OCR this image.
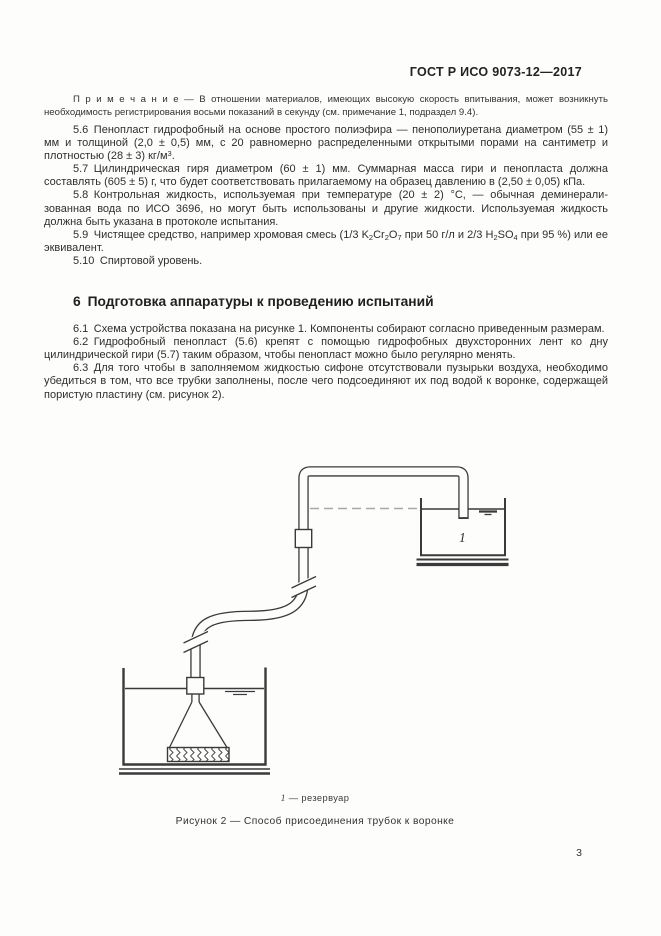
ГОСТ Р ИСО 9073-12—2017

П р и м е ч а н и е — В отношении материалов, имеющих высокую скорость впитывания, может возникнуть необходимость регистрирования восьми показаний в секунду (см. примечание 1, подраздел 9.4).

5.6 Пенопласт гидрофобный на основе простого полиэфира — пенополиуретана диаметром (55 ± 1) мм и толщиной (2,0 ± 0,5) мм, с 20 равномерно распределенными открытыми порами на сантиметр и плотностью (28 ± 3) $кг/м^3$.

5.7 Цилиндрическая гиря диаметром (60 ± 1) мм. Суммарная масса гири и пенопласта должна составлять (605 ± 5) г, что будет соответствовать прилагаемому на образец давлению в (2,50 ± 0,05) кПа.

5.8 Контрольная жидкость, используемая при температуре (20 ± 2) °С, — обычная деминерализованная вода по ИСО 3696, но могут быть использованы и другие жидкости. Используемая жидкость должна быть указана в протоколе испытания.

5.9 Чистящее средство, например хромовая смесь (1/3 $K_2Cr_2O_7$ при 50 г/л и 2/3 $H_2SO_4$ при 95 %) или ее эквивалент.

5.10 Спиртовой уровень.

6 Подготовка аппаратуры к проведению испытаний

6.1 Схема устройства показана на рисунке 1. Компоненты собирают согласно приведенным размерам.

6.2 Гидрофобный пенопласт (5.6) крепят с помощью гидрофобных двухсторонних лент ко дну цилиндрической гири (5.7) таким образом, чтобы пенопласт можно было регулярно менять.

6.3 Для того чтобы в заполняемом жидкостью сифоне отсутствовали пузырьки воздуха, необходимо убедиться в том, что все трубки заполнены, после чего подсоединяют их под водой к воронке, содержащей пористую пластину (см. рисунок 2).

1
1 — резервуар
Рисунок 2 — Способ присоединения трубок к воронке
3
